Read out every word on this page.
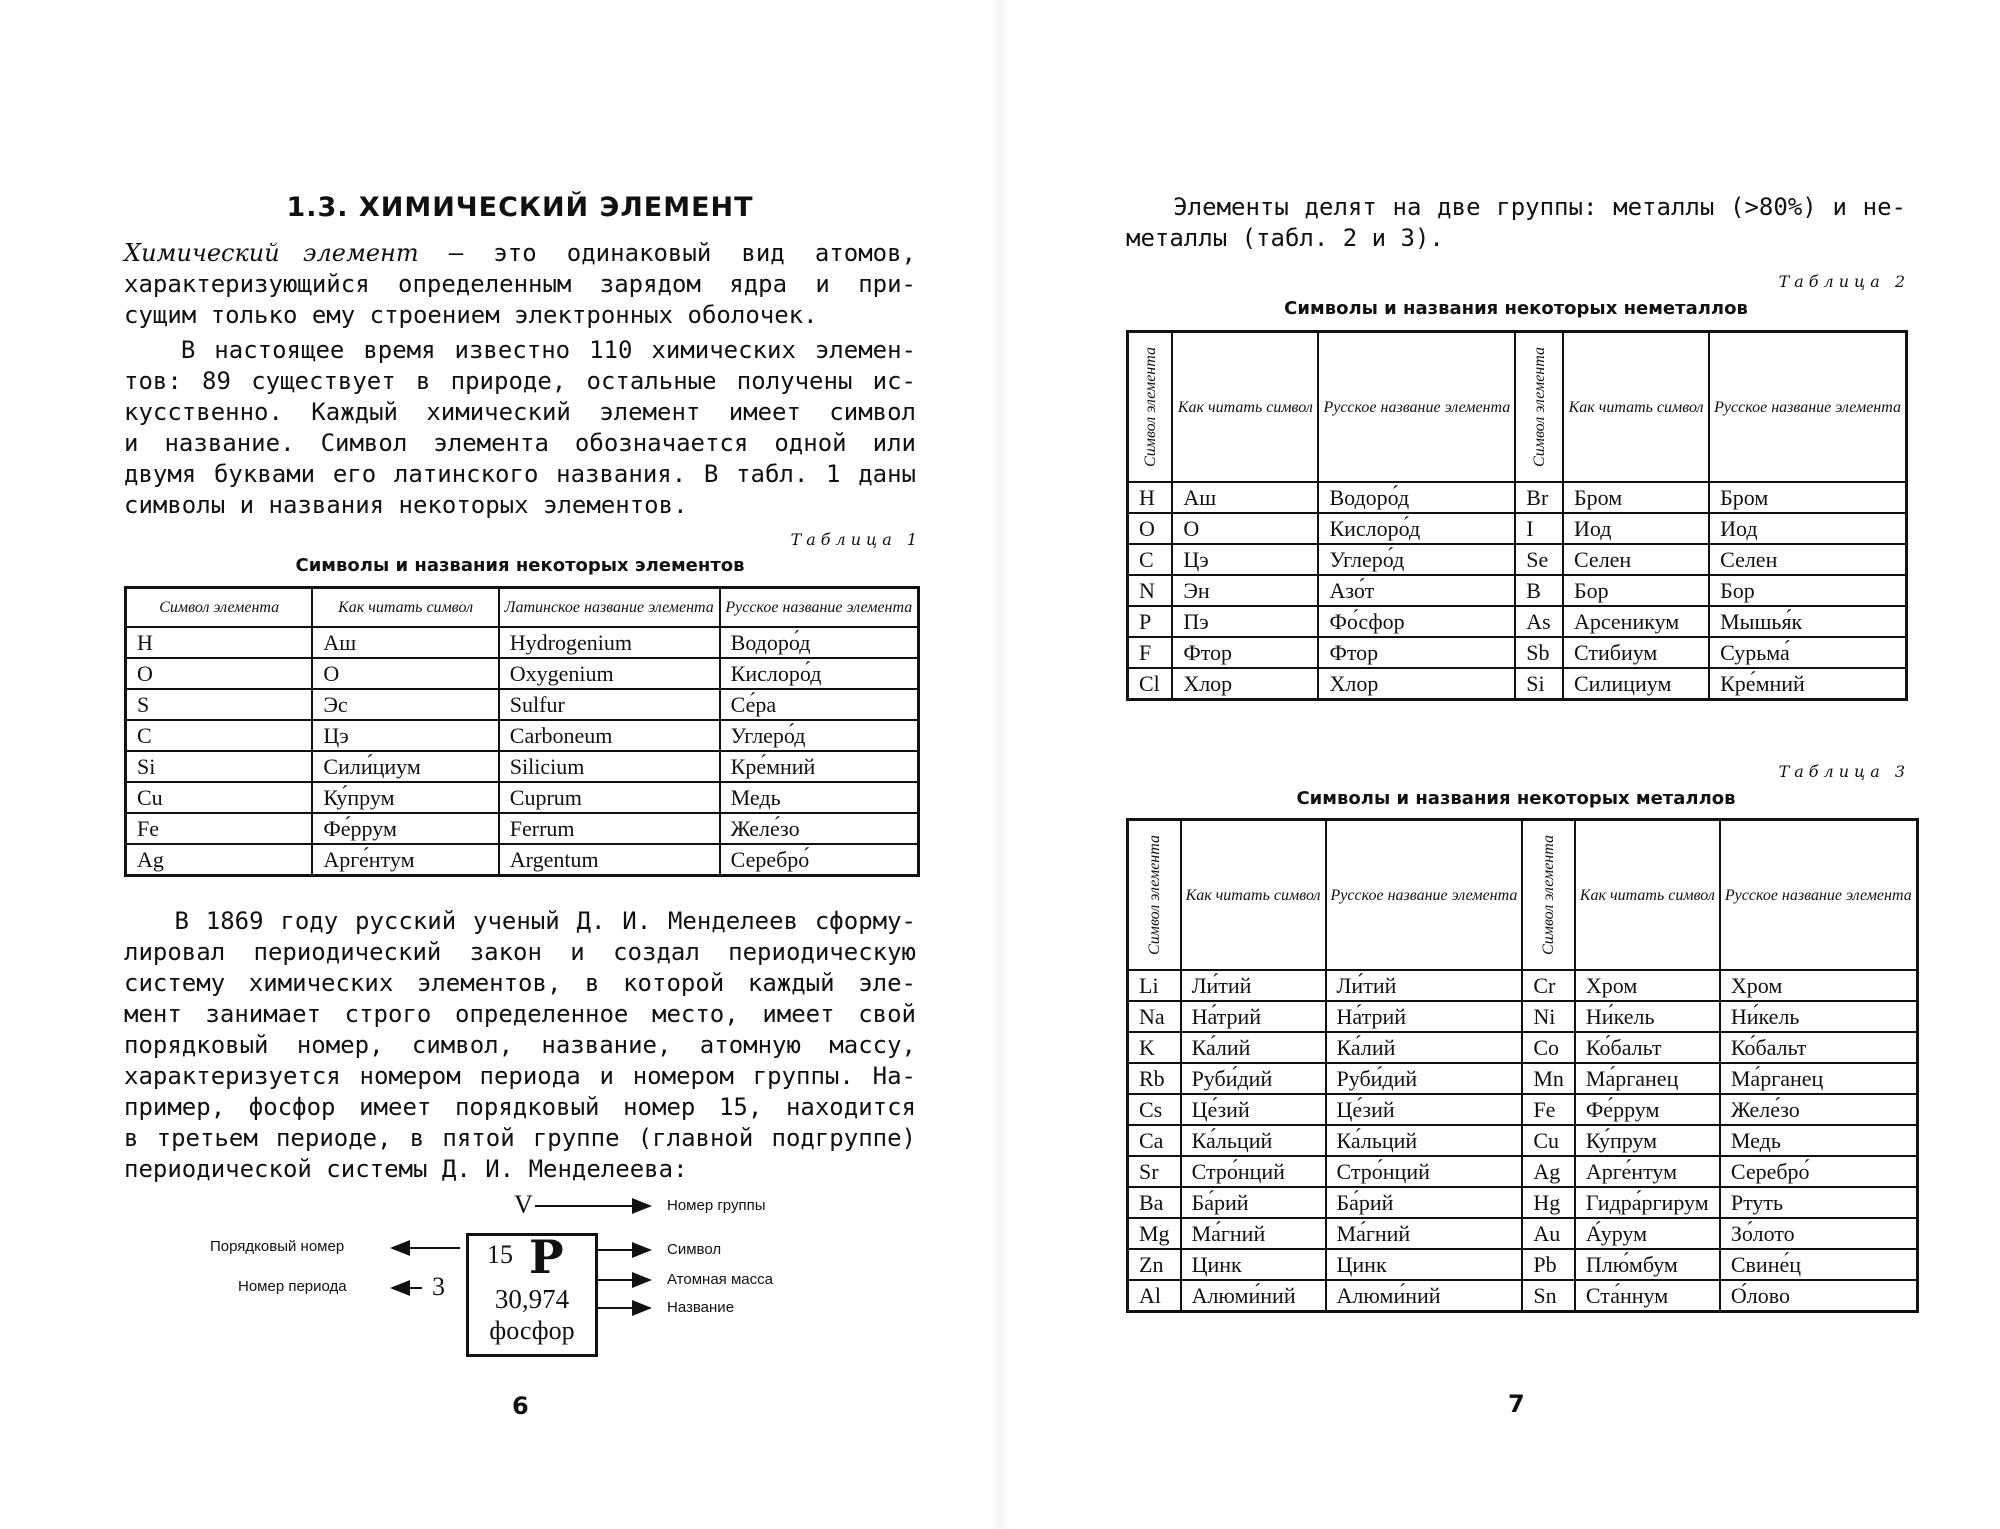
1.3. ХИМИЧЕСКИЙ ЭЛЕМЕНТ
Химический элемент — это одинаковый вид атомов,
характеризующийся определенным зарядом ядра и при-
сущим только ему строением электронных оболочек.
В настоящее время известно 110 химических элемен-
тов: 89 существует в природе, остальные получены ис-
кусственно. Каждый химический элемент имеет символ
и название. Символ элемента обозначается одной или
двумя буквами его латинского названия. В табл. 1 даны
символы и названия некоторых элементов.
Таблица 1
Символы и названия некоторых элементов
Символ элемента	Как читать символ	Латинское название элемента	Русское название элемента
H	Аш	Hydrogenium	Водоро́д
O	О	Oxygenium	Кислоро́д
S	Эс	Sulfur	Се́ра
C	Цэ	Carboneum	Углеро́д
Si	Сили́циум	Silicium	Кре́мний
Cu	Ку́прум	Cuprum	Медь
Fe	Фе́ррум	Ferrum	Желе́зо
Ag	Арге́нтум	Argentum	Серебро́
В 1869 году русский ученый Д. И. Менделеев сформу-
лировал периодический закон и создал периодическую
систему химических элементов, в которой каждый эле-
мент занимает строго определенное место, имеет свой
порядковый номер, символ, название, атомную массу,
характеризуется номером периода и номером группы. На-
пример, фосфор имеет порядковый номер 15, находится
в третьем периоде, в пятой группе (главной подгруппе)
периодической системы Д. И. Менделеева:
V
15 P
30,974
фосфор
3
Номер группы
Символ
Атомная масса
Название
Порядковый номер
Номер периода
6
Элементы делят на две группы: металлы (>80%) и не-
металлы (табл. 2 и 3).
Таблица 2
Символы и названия некоторых неметаллов
Символ элемента	Как читать символ	Русское название элемента	Символ элемента	Как читать символ	Русское название элемента
H	Аш	Водоро́д	Br	Бром	Бром
O	О	Кислоро́д	I	Иод	Иод
C	Цэ	Углеро́д	Se	Селен	Селен
N	Эн	Азо́т	B	Бор	Бор
P	Пэ	Фо́сфор	As	Арсеникум	Мышья́к
F	Фтор	Фтор	Sb	Стибиум	Сурьма́
Cl	Хлор	Хлор	Si	Силициум	Кре́мний
Таблица 3
Символы и названия некоторых металлов
Символ элемента	Как читать символ	Русское название элемента	Символ элемента	Как читать символ	Русское название элемента
Li	Ли́тий	Ли́тий	Cr	Хром	Хром
Na	На́трий	На́трий	Ni	Ни́кель	Ни́кель
K	Ка́лий	Ка́лий	Co	Ко́бальт	Ко́бальт
Rb	Руби́дий	Руби́дий	Mn	Ма́рганец	Ма́рганец
Cs	Це́зий	Це́зий	Fe	Фе́ррум	Желе́зо
Ca	Ка́льций	Ка́льций	Cu	Ку́прум	Медь
Sr	Стро́нций	Стро́нций	Ag	Арге́нтум	Серебро́
Ba	Ба́рий	Ба́рий	Hg	Гидра́ргирум	Ртуть
Mg	Ма́гний	Ма́гний	Au	А́урум	Зо́лото
Zn	Цинк	Цинк	Pb	Плю́мбум	Свине́ц
Al	Алюми́ний	Алюми́ний	Sn	Ста́ннум	О́лово
7
